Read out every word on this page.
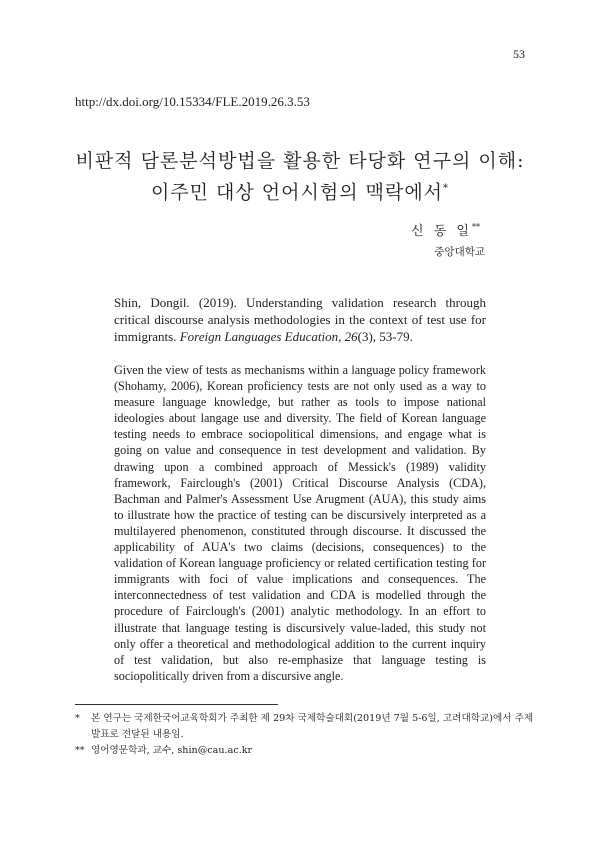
53
http://dx.doi.org/10.15334/FLE.2019.26.3.53
비판적 담론분석방법을 활용한 타당화 연구의 이해:
이주민 대상 언어시험의 맥락에서*
신 동 일**
중앙대학교
Shin, Dongil. (2019). Understanding validation research through critical discourse analysis methodologies in the context of test use for immigrants. Foreign Languages Education, 26(3), 53-79.
Given the view of tests as mechanisms within a language policy framework (Shohamy, 2006), Korean proficiency tests are not only used as a way to measure language knowledge, but rather as tools to impose national ideologies about langage use and diversity. The field of Korean language testing needs to embrace sociopolitical dimensions, and engage what is going on value and consequence in test development and validation. By drawing upon a combined approach of Messick's (1989) validity framework, Fairclough's (2001) Critical Discourse Analysis (CDA), Bachman and Palmer's Assessment Use Arugment (AUA), this study aims to illustrate how the practice of testing can be discursively interpreted as a multilayered phenomenon, constituted through discourse. It discussed the applicability of AUA's two claims (decisions, consequences) to the validation of Korean language proficiency or related certification testing for immigrants with foci of value implications and consequences. The interconnectedness of test validation and CDA is modelled through the procedure of Fairclough's (2001) analytic methodology. In an effort to illustrate that language testing is discursively value-laded, this study not only offer a theoretical and methodological addition to the current inquiry of test validation, but also re-emphasize that language testing is sociopolitically driven from a discursive angle.
* 본 연구는 국제한국어교육학회가 주최한 제 29차 국제학술대회(2019년 7월 5-6일, 고려대학교)에서 주제발표로 전달된 내용임.
** 영어영문학과, 교수, shin@cau.ac.kr
